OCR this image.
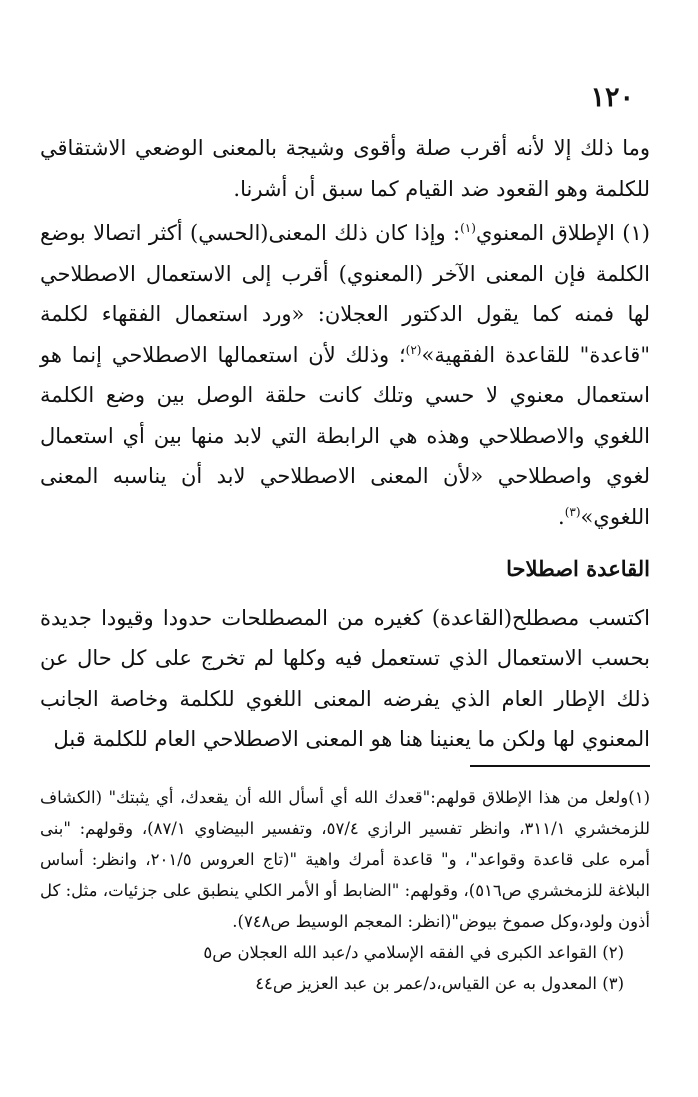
١٢٠

وما ذلك إلا لأنه أقرب صلة وأقوى وشيجة بالمعنى الوضعي الاشتقاقي للكلمة وهو القعود ضد القيام كما سبق أن أشرنا.

(١) الإطلاق المعنوي$^{(١)}$: وإذا كان ذلك المعنى(الحسي) أكثر اتصالا بوضع الكلمة فإن المعنى الآخر (المعنوي) أقرب إلى الاستعمال الاصطلاحي لها فمنه كما يقول الدكتور العجلان: «ورد استعمال الفقهاء لكلمة "قاعدة" للقاعدة الفقهية»$^{(٢)}$؛ وذلك لأن استعمالها الاصطلاحي إنما هو استعمال معنوي لا حسي وتلك كانت حلقة الوصل بين وضع الكلمة اللغوي والاصطلاحي وهذه هي الرابطة التي لابد منها بين أي استعمال لغوي واصطلاحي «لأن المعنى الاصطلاحي لابد أن يناسبه المعنى اللغوي»$^{(٣)}$.

القاعدة اصطلاحا

اكتسب مصطلح(القاعدة) كغيره من المصطلحات حدودا وقيودا جديدة بحسب الاستعمال الذي تستعمل فيه وكلها لم تخرج على كل حال عن ذلك الإطار العام الذي يفرضه المعنى اللغوي للكلمة وخاصة الجانب المعنوي لها ولكن ما يعنينا هنا هو المعنى الاصطلاحي العام للكلمة قبل

(١)ولعل من هذا الإطلاق قولهم:"قعدك الله أي أسأل الله أن يقعدك، أي يثبتك" (الكشاف للزمخشري ٣١١/١، وانظر تفسير الرازي ٥٧/٤، وتفسير البيضاوي ٨٧/١)، وقولهم: "بنى أمره على قاعدة وقواعد"، و" قاعدة أمرك واهية "(تاج العروس ٢٠١/٥، وانظر: أساس البلاغة للزمخشري ص٥١٦)، وقولهم: "الضابط أو الأمر الكلي ينطبق على جزئيات، مثل: كل أذون ولود،وكل صموخ بيوض"(انظر: المعجم الوسيط ص٧٤٨).

(٢) القواعد الكبرى في الفقه الإسلامي د/عبد الله العجلان ص٥

(٣) المعدول به عن القياس،د/عمر بن عبد العزيز ص٤٤
